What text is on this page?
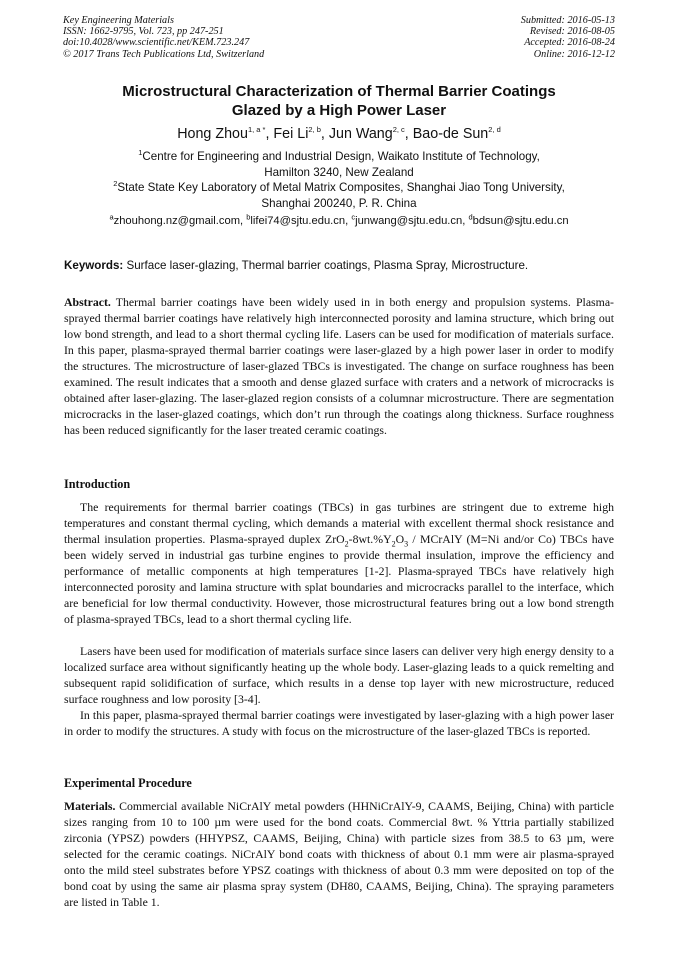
Key Engineering Materials
ISSN: 1662-9795, Vol. 723, pp 247-251
doi:10.4028/www.scientific.net/KEM.723.247
© 2017 Trans Tech Publications Ltd, Switzerland
Submitted: 2016-05-13
Revised: 2016-08-05
Accepted: 2016-08-24
Online: 2016-12-12
Microstructural Characterization of Thermal Barrier Coatings
Glazed by a High Power Laser
Hong Zhou$^{1, a *}$, Fei Li$^{2, b}$, Jun Wang$^{2, c}$, Bao-de Sun$^{2, d}$
$^1$Centre for Engineering and Industrial Design, Waikato Institute of Technology,
Hamilton 3240, New Zealand
$^2$State State Key Laboratory of Metal Matrix Composites, Shanghai Jiao Tong University,
Shanghai 200240, P. R. China
$^a$zhouhong.nz@gmail.com, $^b$lifei74@sjtu.edu.cn, $^c$junwang@sjtu.edu.cn, $^d$bdsun@sjtu.edu.cn
Keywords: Surface laser-glazing, Thermal barrier coatings, Plasma Spray, Microstructure.
Abstract. Thermal barrier coatings have been widely used in in both energy and propulsion systems. Plasma-sprayed thermal barrier coatings have relatively high interconnected porosity and lamina structure, which bring out low bond strength, and lead to a short thermal cycling life. Lasers can be used for modification of materials surface. In this paper, plasma-sprayed thermal barrier coatings were laser-glazed by a high power laser in order to modify the structures. The microstructure of laser-glazed TBCs is investigated. The change on surface roughness has been examined. The result indicates that a smooth and dense glazed surface with craters and a network of microcracks is obtained after laser-glazing. The laser-glazed region consists of a columnar microstructure. There are segmentation microcracks in the laser-glazed coatings, which don’t run through the coatings along thickness. Surface roughness has been reduced significantly for the laser treated ceramic coatings.
Introduction
The requirements for thermal barrier coatings (TBCs) in gas turbines are stringent due to extreme high temperatures and constant thermal cycling, which demands a material with excellent thermal shock resistance and thermal insulation properties. Plasma-sprayed duplex $ZrO_2-8wt.\%Y_2O_3$ / MCrAlY (M=Ni and/or Co) TBCs have been widely served in industrial gas turbine engines to provide thermal insulation, improve the efficiency and performance of metallic components at high temperatures [1-2]. Plasma-sprayed TBCs have relatively high interconnected porosity and lamina structure with splat boundaries and microcracks parallel to the interface, which are beneficial for low thermal conductivity. However, those microstructural features bring out a low bond strength of plasma-sprayed TBCs, lead to a short thermal cycling life.
Lasers have been used for modification of materials surface since lasers can deliver very high energy density to a localized surface area without significantly heating up the whole body. Laser-glazing leads to a quick remelting and subsequent rapid solidification of surface, which results in a dense top layer with new microstructure, reduced surface roughness and low porosity [3-4].
In this paper, plasma-sprayed thermal barrier coatings were investigated by laser-glazing with a high power laser in order to modify the structures. A study with focus on the microstructure of the laser-glazed TBCs is reported.
Experimental Procedure
Materials. Commercial available NiCrAlY metal powders (HHNiCrAlY-9, CAAMS, Beijing, China) with particle sizes ranging from 10 to 100 µm were used for the bond coats. Commercial 8wt. % Yttria partially stabilized zirconia (YPSZ) powders (HHYPSZ, CAAMS, Beijing, China) with particle sizes from 38.5 to 63 µm, were selected for the ceramic coatings. NiCrAlY bond coats with thickness of about 0.1 mm were air plasma-sprayed onto the mild steel substrates before YPSZ coatings with thickness of about 0.3 mm were deposited on top of the bond coat by using the same air plasma spray system (DH80, CAAMS, Beijing, China). The spraying parameters are listed in Table 1.
